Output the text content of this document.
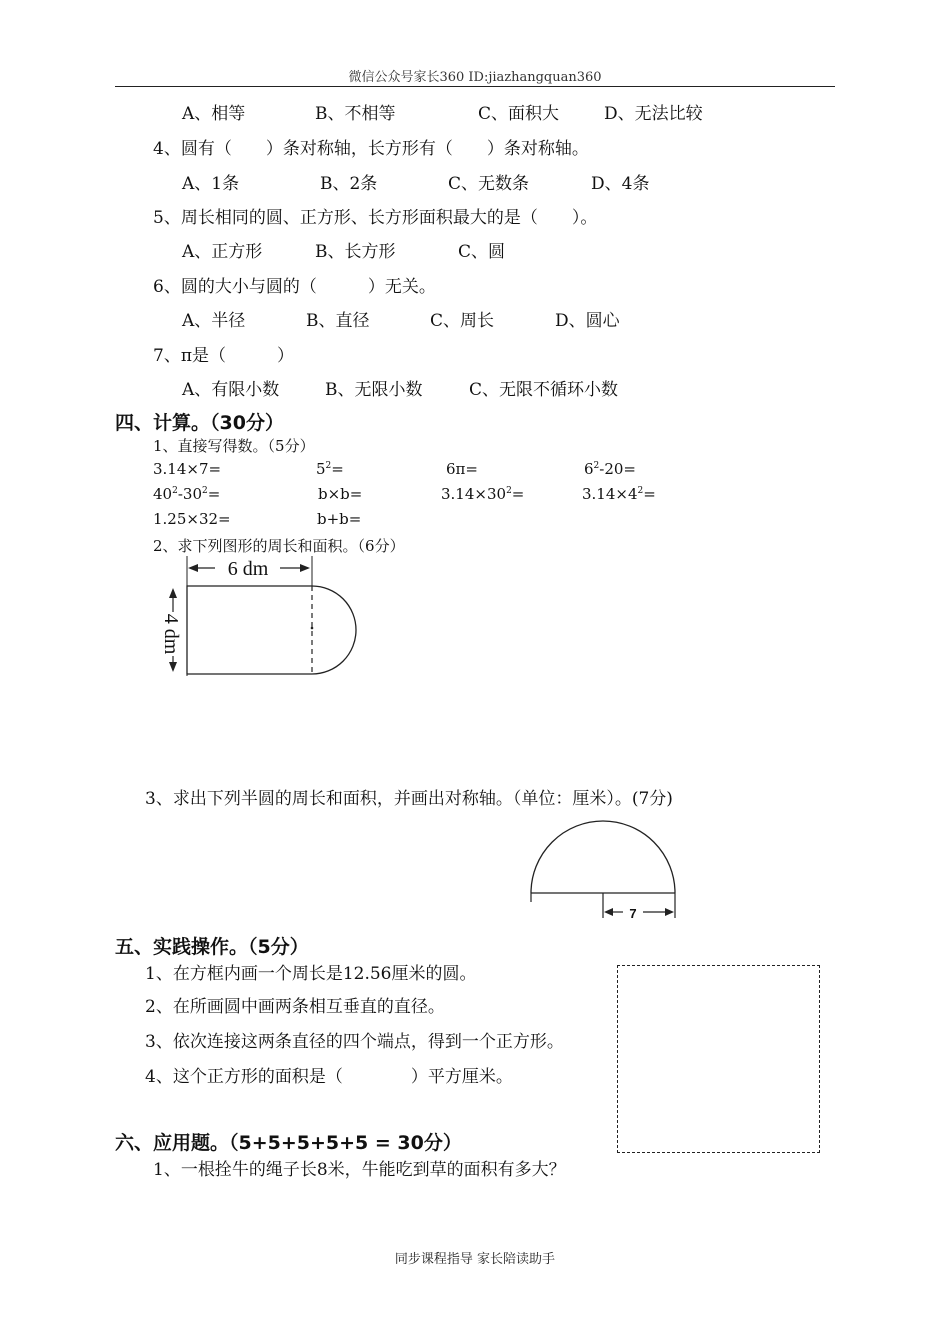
微信公众号家长360 ID:jiazhangquan360
A、相等	B、不相等	C、面积大	D、无法比较
4、圆有（　　）条对称轴，长方形有（　　）条对称轴。
A、1条	B、2条	C、无数条	D、4条
5、周长相同的圆、正方形、长方形面积最大的是（　　）。
A、正方形	B、长方形	C、圆
6、圆的大小与圆的（　　　）无关。
A、半径	B、直径	C、周长	D、圆心
7、π是（　　　）
A、有限小数	B、无限小数	C、无限不循环小数
四、计算。（30分）
1、直接写得数。（5分）
3.14×7=	$5^2=$	6π=	$6^2-20=$
$40^2-30^2=$	b×b=	$3.14\times 30^2=$	$3.14\times 4^2=$
1.25×32=	b+b=
2、求下列图形的周长和面积。（6分）
6 dm
4 dm
3、求出下列半圆的周长和面积，并画出对称轴。（单位：厘米）。(7分)
7
五、实践操作。（5分）
1、在方框内画一个周长是12.56厘米的圆。
2、在所画圆中画两条相互垂直的直径。
3、依次连接这两条直径的四个端点，得到一个正方形。
4、这个正方形的面积是（　　　　）平方厘米。
六、应用题。（5+5+5+5+5 = 30分）
1、一根拴牛的绳子长8米，牛能吃到草的面积有多大？
同步课程指导 家长陪读助手
